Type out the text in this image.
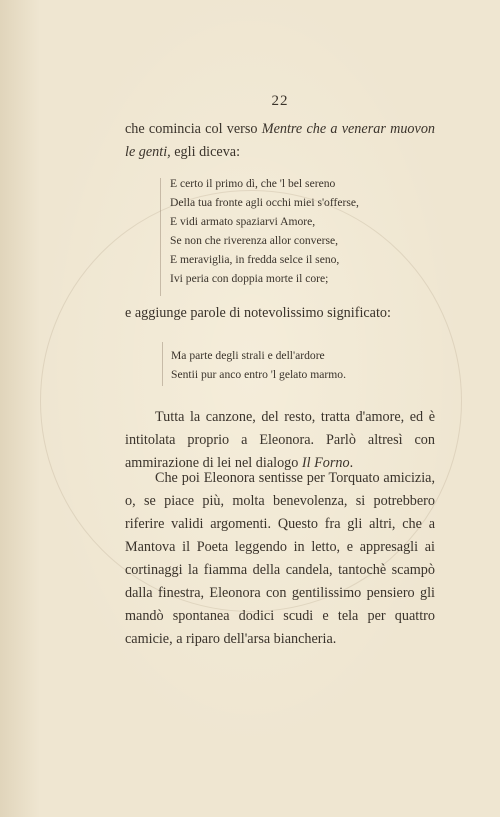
22

che comincia col verso Mentre che a venerar muovon le genti, egli diceva:

E certo il primo dì, che 'l bel sereno
Della tua fronte agli occhi miei s'offerse,
E vidi armato spaziarvi Amore,
Se non che riverenza allor converse,
E meraviglia, in fredda selce il seno,
Ivi peria con doppia morte il core;

e aggiunge parole di notevolissimo significato:

Ma parte degli strali e dell'ardore
Sentii pur anco entro 'l gelato marmo.

Tutta la canzone, del resto, tratta d'amore, ed è intitolata proprio a Eleonora. Parlò altresì con ammirazione di lei nel dialogo Il Forno.

Che poi Eleonora sentisse per Torquato amicizia, o, se piace più, molta benevolenza, si potrebbero riferire validi argomenti. Questo fra gli altri, che a Mantova il Poeta leggendo in letto, e appresagli ai cortinaggi la fiamma della candela, tantochè scampò dalla finestra, Eleonora con gentilissimo pensiero gli mandò spontanea dodici scudi e tela per quattro camicie, a riparo dell'arsa biancheria.
